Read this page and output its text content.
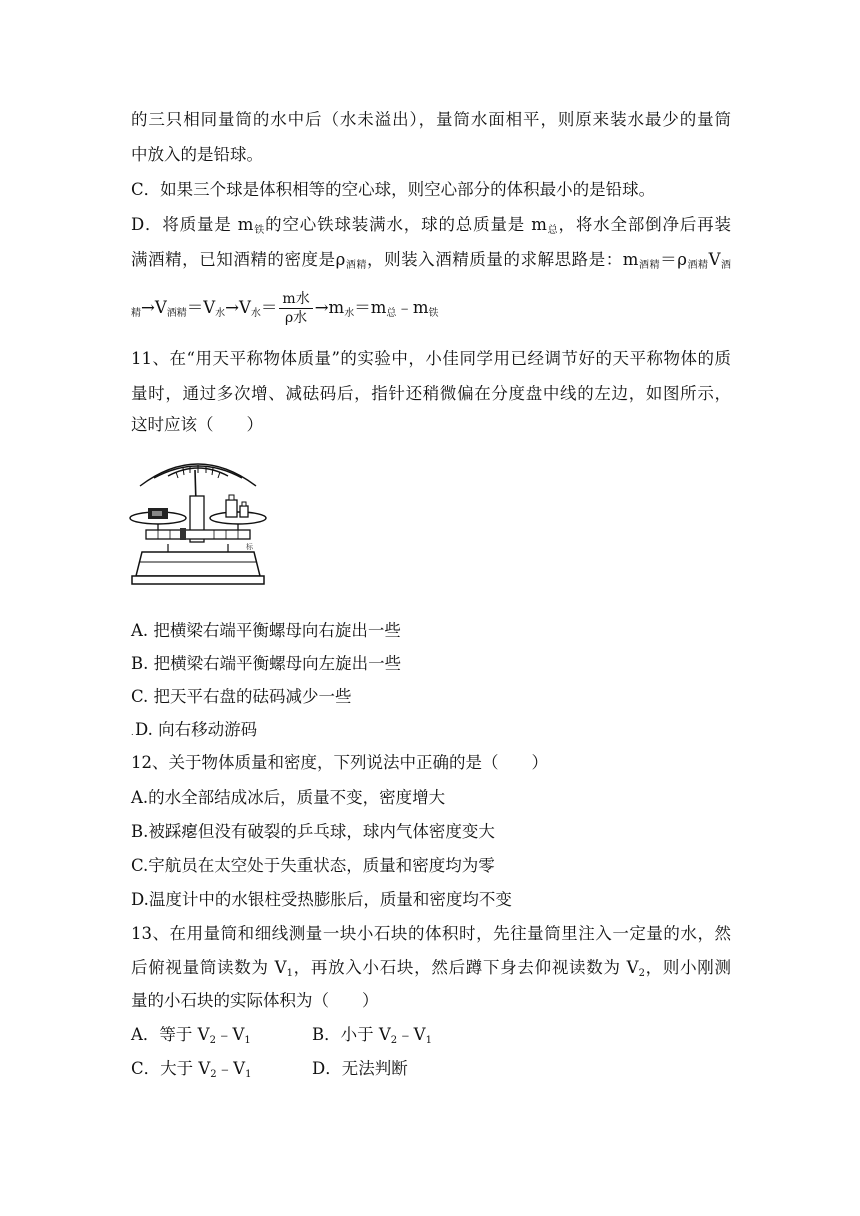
的三只相同量筒的水中后（水未溢出），量筒水面相平，则原来装水最少的量筒
中放入的是铅球。
C．如果三个球是体积相等的空心球，则空心部分的体积最小的是铅球。
D．将质量是 m铁的空心铁球装满水，球的总质量是 m总，将水全部倒净后再装
满酒精，已知酒精的密度是ρ酒精，则装入酒精质量的求解思路是：m酒精＝ρ酒精V酒
精→V酒精＝V水→V水＝ $\frac{\text{m水}}{\text{ρ水}} \to m$水＝m总﹣m铁
11、在“用天平称物体质量”的实验中，小佳同学用已经调节好的天平称物体的质
量时，通过多次增、减砝码后，指针还稍微偏在分度盘中线的左边，如图所示，
这时应该（　　）
标
A. 把横梁右端平衡螺母向右旋出一些
B. 把横梁右端平衡螺母向左旋出一些
C. 把天平右盘的砝码减少一些
. D. 向右移动游码
12、关于物体质量和密度，下列说法中正确的是（　　）
A.的水全部结成冰后，质量不变，密度增大
B.被踩瘪但没有破裂的乒乓球，球内气体密度变大
C.宇航员在太空处于失重状态，质量和密度均为零
D.温度计中的水银柱受热膨胀后，质量和密度均不变
13、在用量筒和细线测量一块小石块的体积时，先往量筒里注入一定量的水，然
后俯视量筒读数为 V1，再放入小石块，然后蹲下身去仰视读数为 V2，则小刚测
量的小石块的实际体积为（　　）
A．等于 V2﹣V1	B．小于 V2﹣V1
C．大于 V2﹣V1	D．无法判断
